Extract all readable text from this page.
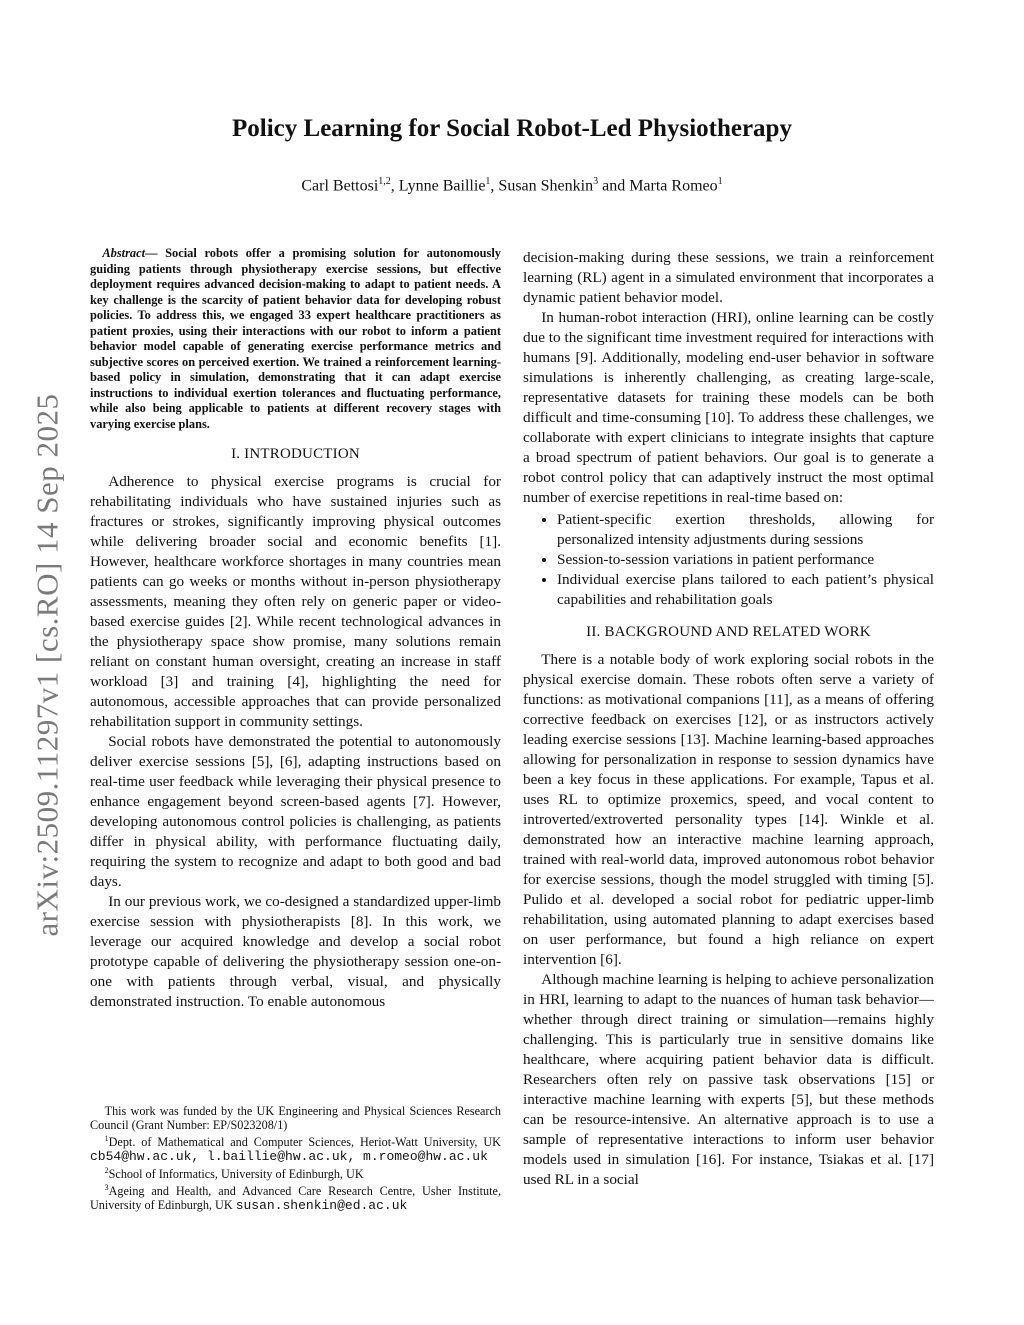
arXiv:2509.11297v1 [cs.RO] 14 Sep 2025
Policy Learning for Social Robot-Led Physiotherapy

Carl Bettosi$^{1,2}$, Lynne Baillie$^1$, Susan Shenkin$^3$ and Marta Romeo$^1$

Abstract— Social robots offer a promising solution for autonomously guiding patients through physiotherapy exercise sessions, but effective deployment requires advanced decision-making to adapt to patient needs. A key challenge is the scarcity of patient behavior data for developing robust policies. To address this, we engaged 33 expert healthcare practitioners as patient proxies, using their interactions with our robot to inform a patient behavior model capable of generating exercise performance metrics and subjective scores on perceived exertion. We trained a reinforcement learning-based policy in simulation, demonstrating that it can adapt exercise instructions to individual exertion tolerances and fluctuating performance, while also being applicable to patients at different recovery stages with varying exercise plans.

I. INTRODUCTION

Adherence to physical exercise programs is crucial for rehabilitating individuals who have sustained injuries such as fractures or strokes, significantly improving physical outcomes while delivering broader social and economic benefits [1]. However, healthcare workforce shortages in many countries mean patients can go weeks or months without in-person physiotherapy assessments, meaning they often rely on generic paper or video-based exercise guides [2]. While recent technological advances in the physiotherapy space show promise, many solutions remain reliant on constant human oversight, creating an increase in staff workload [3] and training [4], highlighting the need for autonomous, accessible approaches that can provide personalized rehabilitation support in community settings.

Social robots have demonstrated the potential to autonomously deliver exercise sessions [5], [6], adapting instructions based on real-time user feedback while leveraging their physical presence to enhance engagement beyond screen-based agents [7]. However, developing autonomous control policies is challenging, as patients differ in physical ability, with performance fluctuating daily, requiring the system to recognize and adapt to both good and bad days.

In our previous work, we co-designed a standardized upper-limb exercise session with physiotherapists [8]. In this work, we leverage our acquired knowledge and develop a social robot prototype capable of delivering the physiotherapy session one-on-one with patients through verbal, visual, and physically demonstrated instruction. To enable autonomous

This work was funded by the UK Engineering and Physical Sciences Research Council (Grant Number: EP/S023208/1)

$^1$Dept. of Mathematical and Computer Sciences, Heriot-Watt University, UK cb54@hw.ac.uk, l.baillie@hw.ac.uk, m.romeo@hw.ac.uk

$^2$School of Informatics, University of Edinburgh, UK

$^3$Ageing and Health, and Advanced Care Research Centre, Usher Institute, University of Edinburgh, UK susan.shenkin@ed.ac.uk

decision-making during these sessions, we train a reinforcement learning (RL) agent in a simulated environment that incorporates a dynamic patient behavior model.

In human-robot interaction (HRI), online learning can be costly due to the significant time investment required for interactions with humans [9]. Additionally, modeling end-user behavior in software simulations is inherently challenging, as creating large-scale, representative datasets for training these models can be both difficult and time-consuming [10]. To address these challenges, we collaborate with expert clinicians to integrate insights that capture a broad spectrum of patient behaviors. Our goal is to generate a robot control policy that can adaptively instruct the most optimal number of exercise repetitions in real-time based on:

• Patient-specific exertion thresholds, allowing for personalized intensity adjustments during sessions
• Session-to-session variations in patient performance
• Individual exercise plans tailored to each patient’s physical capabilities and rehabilitation goals

II. BACKGROUND AND RELATED WORK

There is a notable body of work exploring social robots in the physical exercise domain. These robots often serve a variety of functions: as motivational companions [11], as a means of offering corrective feedback on exercises [12], or as instructors actively leading exercise sessions [13]. Machine learning-based approaches allowing for personalization in response to session dynamics have been a key focus in these applications. For example, Tapus et al. uses RL to optimize proxemics, speed, and vocal content to introverted/extroverted personality types [14]. Winkle et al. demonstrated how an interactive machine learning approach, trained with real-world data, improved autonomous robot behavior for exercise sessions, though the model struggled with timing [5]. Pulido et al. developed a social robot for pediatric upper-limb rehabilitation, using automated planning to adapt exercises based on user performance, but found a high reliance on expert intervention [6].

Although machine learning is helping to achieve personalization in HRI, learning to adapt to the nuances of human task behavior—whether through direct training or simulation—remains highly challenging. This is particularly true in sensitive domains like healthcare, where acquiring patient behavior data is difficult. Researchers often rely on passive task observations [15] or interactive machine learning with experts [5], but these methods can be resource-intensive. An alternative approach is to use a sample of representative interactions to inform user behavior models used in simulation [16]. For instance, Tsiakas et al. [17] used RL in a social
